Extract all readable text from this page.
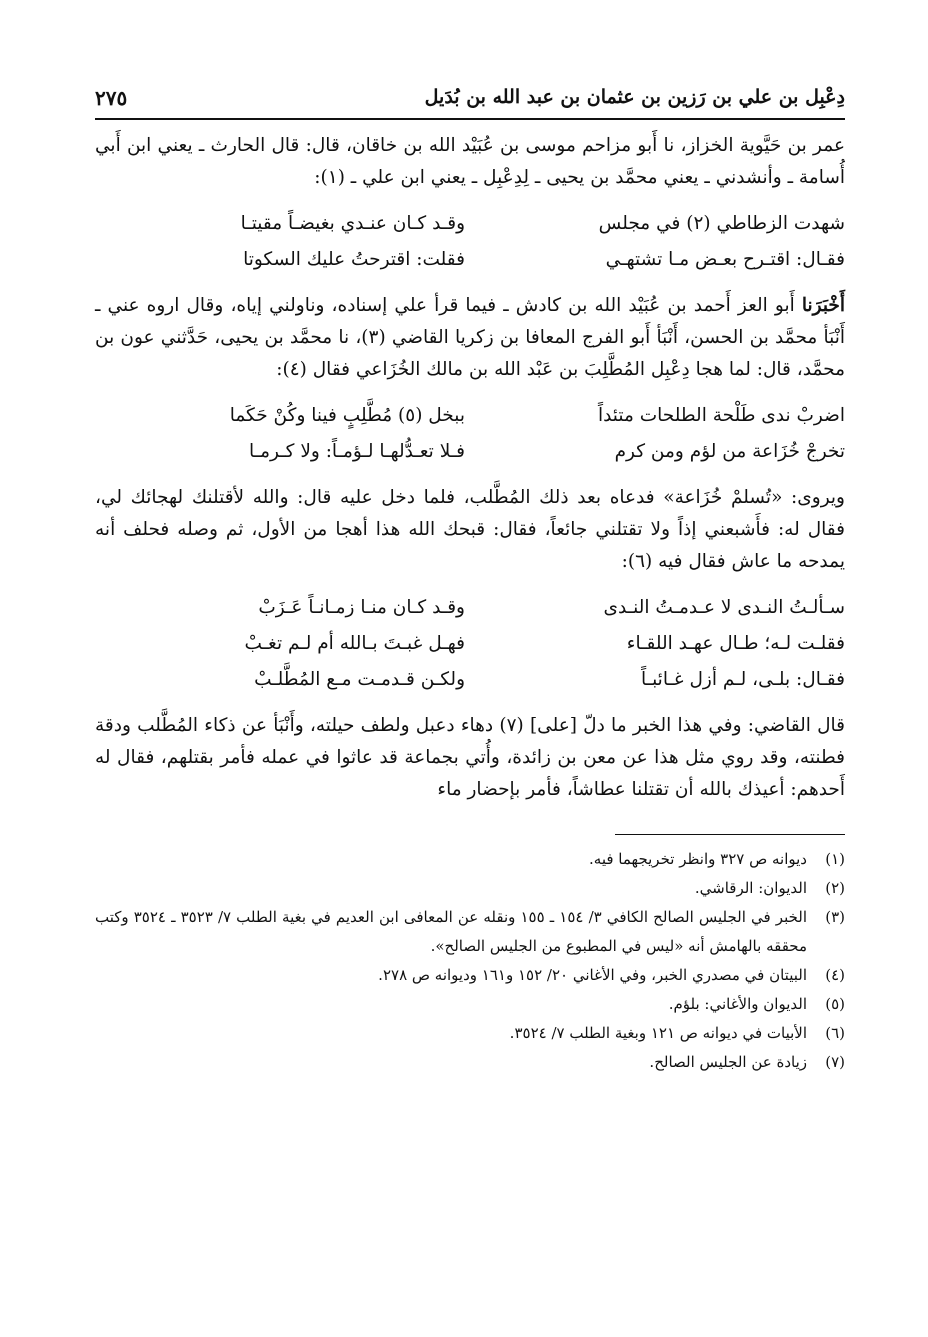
دِعْبِل بن علي بن رَزين بن عثمان بن عبد الله بن بُدَيل
٢٧٥

عمر بن حَيَّوية الخزاز، نا أَبو مزاحم موسى بن عُبَيْد الله بن خاقان، قال: قال الحارث ـ يعني ابن أَبي أُسامة ـ وأنشدني ـ يعني محمَّد بن يحيى ـ لِدِعْبِل ـ يعني ابن علي ـ (١):

شهدت الزطاطي (٢) في مجلس
وقـد كـان عنـدي بغيضـاً مقيتـا
فقـال: اقتـرح بعـض مـا تشتهـي
فقلت: اقترحتُ عليك السكوتا

أَخْبَرَنا أَبو العز أَحمد بن عُبَيْد الله بن كادش ـ فيما قرأ علي إسناده، وناولني إياه، وقال اروه عني ـ أَنْبَأ محمَّد بن الحسن، أَنْبَأ أَبو الفرج المعافا بن زكريا القاضي (٣)، نا محمَّد بن يحيى، حَدَّثني عون بن محمَّد، قال: لما هجا دِعْبِل المُطَّلِبَ بن عَبْد الله بن مالك الخُزَاعي فقال (٤):

اضربْ ندى طَلْحة الطلحات متئداً
ببخل (٥) مُطَّلِبٍ فينا وكُنْ حَكَما
تخرجْ خُزَاعة من لؤم ومن كرم
فـلا تعـدُّلهـا لـؤمـاً: ولا كـرمـا

ويروى: «تُسلمْ خُزَاعة» فدعاه بعد ذلك المُطَّلب، فلما دخل عليه قال: والله لأقتلنك لهجائك لي، فقال له: فأَشبعني إذاً ولا تقتلني جائعاً، فقال: قبحك الله هذا أهجا من الأول، ثم وصله فحلف أنه يمدحه ما عاش فقال فيه (٦):

سـألـتُ النـدى لا عـدمـتُ النـدى
وقـد كـان منـا زمـانـاً عَـزَبْ
فقلـت لـه؛ طـال عهـد اللقـاء
فهـل غبـتَ بـالله أم لـم تغـبْ
فقـال: بلـى، لـم أزل غـائبـاً
ولكـن قـدمـت مـع المُطَّلـبْ

قال القاضي: وفي هذا الخبر ما دلّ [على] (٧) دهاء دعبل ولطف حيلته، وأَنْبَأ عن ذكاء المُطَّلب ودقة فطنته، وقد روي مثل هذا عن معن بن زائدة، وأُتي بجماعة قد عاثوا في عمله فأمر بقتلهم، فقال له أَحدهم: أعيذك بالله أن تقتلنا عطاشاً، فأمر بإحضار ماء

(١)
ديوانه ص ٣٢٧ وانظر تخريجهما فيه.
(٢)
الديوان: الرقاشي.
(٣)
الخبر في الجليس الصالح الكافي ٣/ ١٥٤ ـ ١٥٥ ونقله عن المعافى ابن العديم في بغية الطلب ٧/ ٣٥٢٣ ـ ٣٥٢٤ وكتب محققه بالهامش أنه «ليس في المطبوع من الجليس الصالح».
(٤)
البيتان في مصدري الخبر، وفي الأغاني ٢٠/ ١٥٢ و١٦١ وديوانه ص ٢٧٨.
(٥)
الديوان والأغاني: بلؤم.
(٦)
الأبيات في ديوانه ص ١٢١ وبغية الطلب ٧/ ٣٥٢٤.
(٧)
زيادة عن الجليس الصالح.
